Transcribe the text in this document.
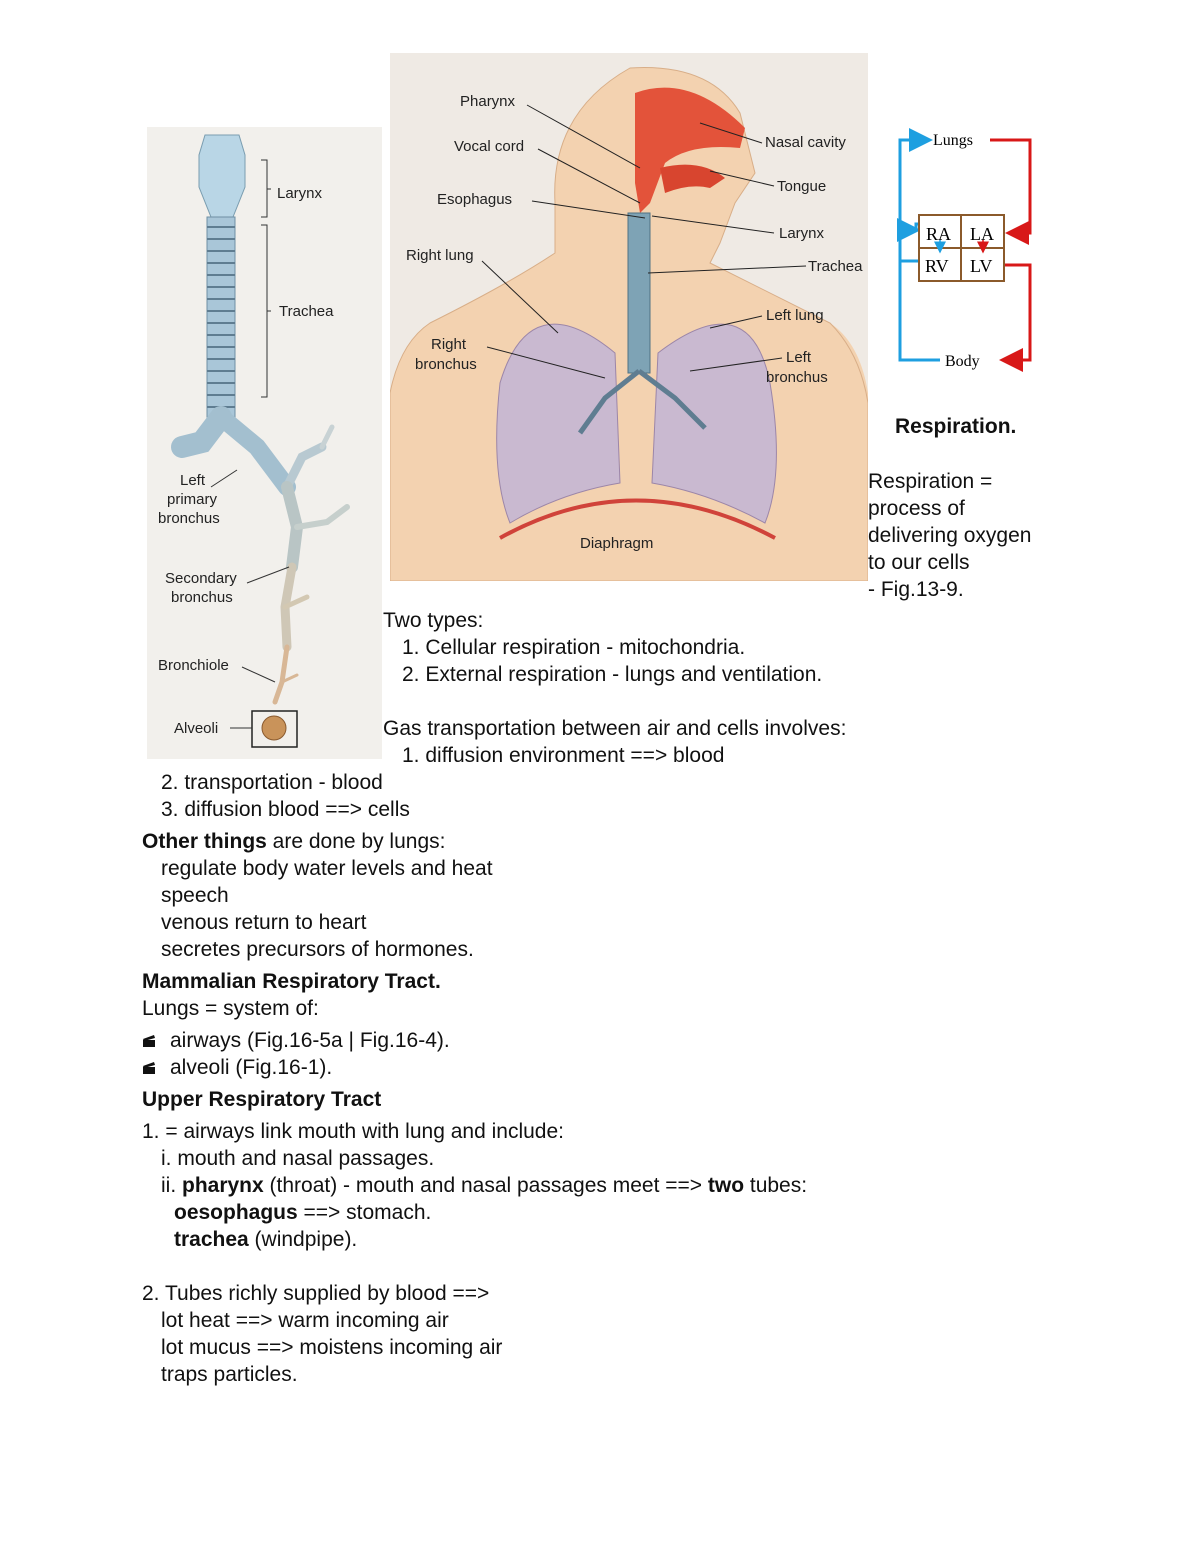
Larynx
Trachea
Left
primary
bronchus
Secondary
bronchus
Bronchiole
Alveoli
Pharynx
Vocal cord
Esophagus
Right lung
Right
bronchus
Nasal cavity
Tongue
Larynx
Trachea
Left lung
Left
bronchus
Diaphragm
Lungs
Body
RA LA
RV LV
Respiration.
Respiration =
process of
delivering oxygen
to our cells
- Fig.13-9.
Two types:
1. Cellular respiration - mitochondria.
2. External respiration - lungs and ventilation.
Gas transportation between air and cells involves:
1. diffusion environment ==> blood
2. transportation - blood
3. diffusion blood ==> cells
Other things are done by lungs:
regulate body water levels and heat
speech
venous return to heart
secretes precursors of hormones.
Mammalian Respiratory Tract.
Lungs = system of:
airways (Fig.16-5a | Fig.16-4).
alveoli (Fig.16-1).
Upper Respiratory Tract
1. = airways link mouth with lung and include:
i. mouth and nasal passages.
ii. pharynx (throat) - mouth and nasal passages meet ==> two tubes:
oesophagus ==> stomach.
trachea (windpipe).
2. Tubes richly supplied by blood ==>
lot heat ==> warm incoming air
lot mucus ==> moistens incoming air
traps particles.
